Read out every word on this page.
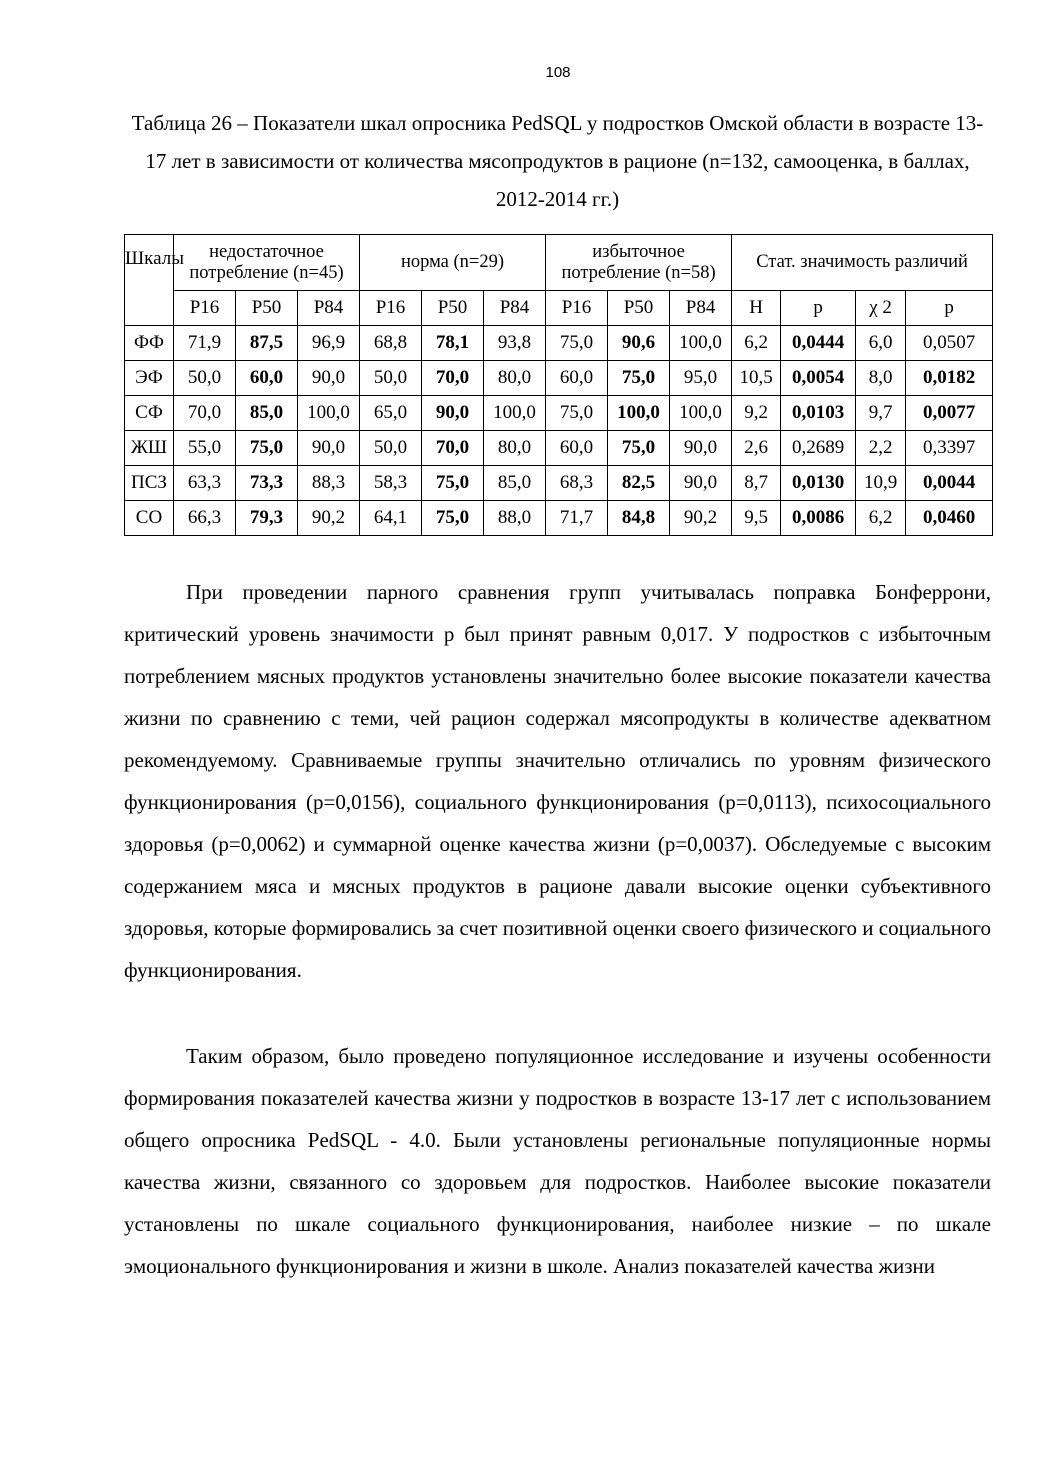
108
Таблица 26 – Показатели шкал опросника PedSQL у подростков Омской области в возрасте 13-17 лет в зависимости от количества мясопродуктов в рационе (n=132, самооценка, в баллах, 2012-2014 гг.)
Шкалы	недостаточное потребление (n=45)			норма (n=29)			избыточное потребление (n=58)			Стат. значимость различий			
	P16	P50	P84	P16	P50	P84	P16	P50	P84	H	p	χ 2	p
ФФ	71,9	87,5	96,9	68,8	78,1	93,8	75,0	90,6	100,0	6,2	0,0444	6,0	0,0507
ЭФ	50,0	60,0	90,0	50,0	70,0	80,0	60,0	75,0	95,0	10,5	0,0054	8,0	0,0182
СФ	70,0	85,0	100,0	65,0	90,0	100,0	75,0	100,0	100,0	9,2	0,0103	9,7	0,0077
ЖШ	55,0	75,0	90,0	50,0	70,0	80,0	60,0	75,0	90,0	2,6	0,2689	2,2	0,3397
ПСЗ	63,3	73,3	88,3	58,3	75,0	85,0	68,3	82,5	90,0	8,7	0,0130	10,9	0,0044
СО	66,3	79,3	90,2	64,1	75,0	88,0	71,7	84,8	90,2	9,5	0,0086	6,2	0,0460

При проведении парного сравнения групп учитывалась поправка Бонферрони, критический уровень значимости р был принят равным 0,017. У подростков с избыточным потреблением мясных продуктов установлены значительно более высокие показатели качества жизни по сравнению с теми, чей рацион содержал мясопродукты в количестве адекватном рекомендуемому. Сравниваемые группы значительно отличались по уровням физического функционирования (р=0,0156), социального функционирования (р=0,0113), психосоциального здоровья (р=0,0062) и суммарной оценке качества жизни (р=0,0037). Обследуемые с высоким содержанием мяса и мясных продуктов в рационе давали высокие оценки субъективного здоровья, которые формировались за счет позитивной оценки своего физического и социального функционирования.

Таким образом, было проведено популяционное исследование и изучены особенности формирования показателей качества жизни у подростков в возрасте 13-17 лет с использованием общего опросника PedSQL - 4.0. Были установлены региональные популяционные нормы качества жизни, связанного со здоровьем для подростков. Наиболее высокие показатели установлены по шкале социального функционирования, наиболее низкие – по шкале эмоционального функционирования и жизни в школе. Анализ показателей качества жизни
